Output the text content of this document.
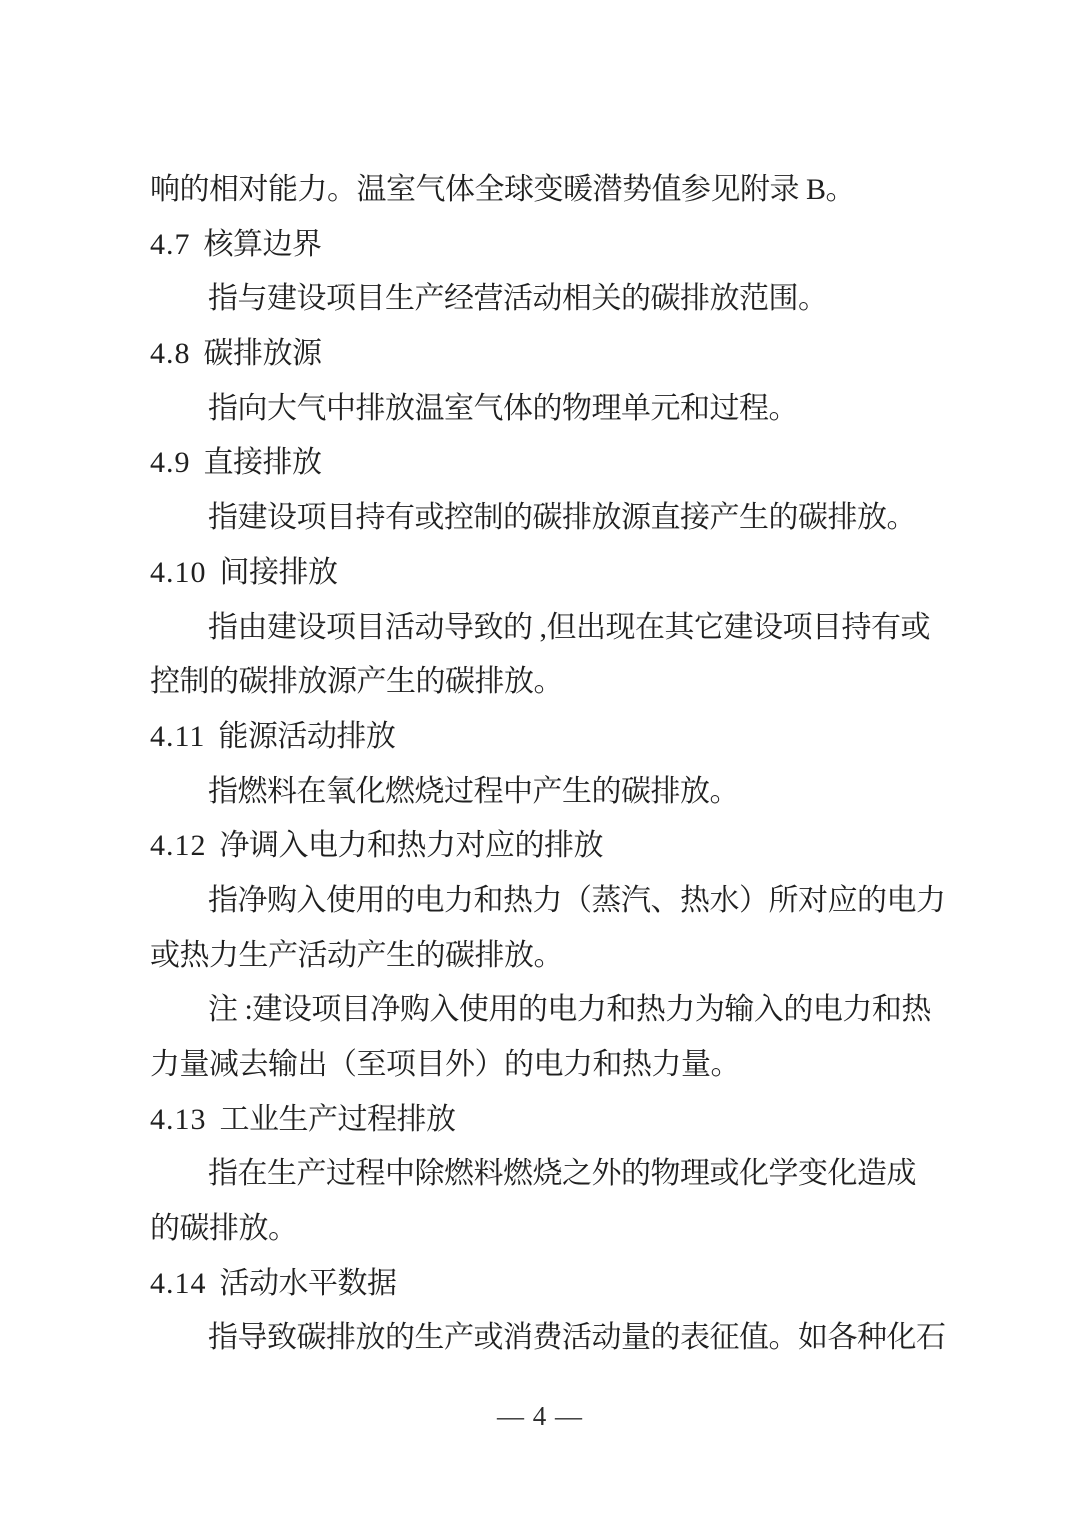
响的相对能力。温室气体全球变暖潜势值参见附录 B。
4.7 核算边界
指与建设项目生产经营活动相关的碳排放范围。
4.8 碳排放源
指向大气中排放温室气体的物理单元和过程。
4.9 直接排放
指建设项目持有或控制的碳排放源直接产生的碳排放。
4.10 间接排放
指由建设项目活动导致的 ,但出现在其它建设项目持有或
控制的碳排放源产生的碳排放。
4.11 能源活动排放
指燃料在氧化燃烧过程中产生的碳排放。
4.12 净调入电力和热力对应的排放
指净购入使用的电力和热力（蒸汽、热水）所对应的电力
或热力生产活动产生的碳排放。
注 :建设项目净购入使用的电力和热力为输入的电力和热
力量减去输出（至项目外）的电力和热力量。
4.13 工业生产过程排放
指在生产过程中除燃料燃烧之外的物理或化学变化造成
的碳排放。
4.14 活动水平数据
指导致碳排放的生产或消费活动量的表征值。如各种化石
— 4 —
